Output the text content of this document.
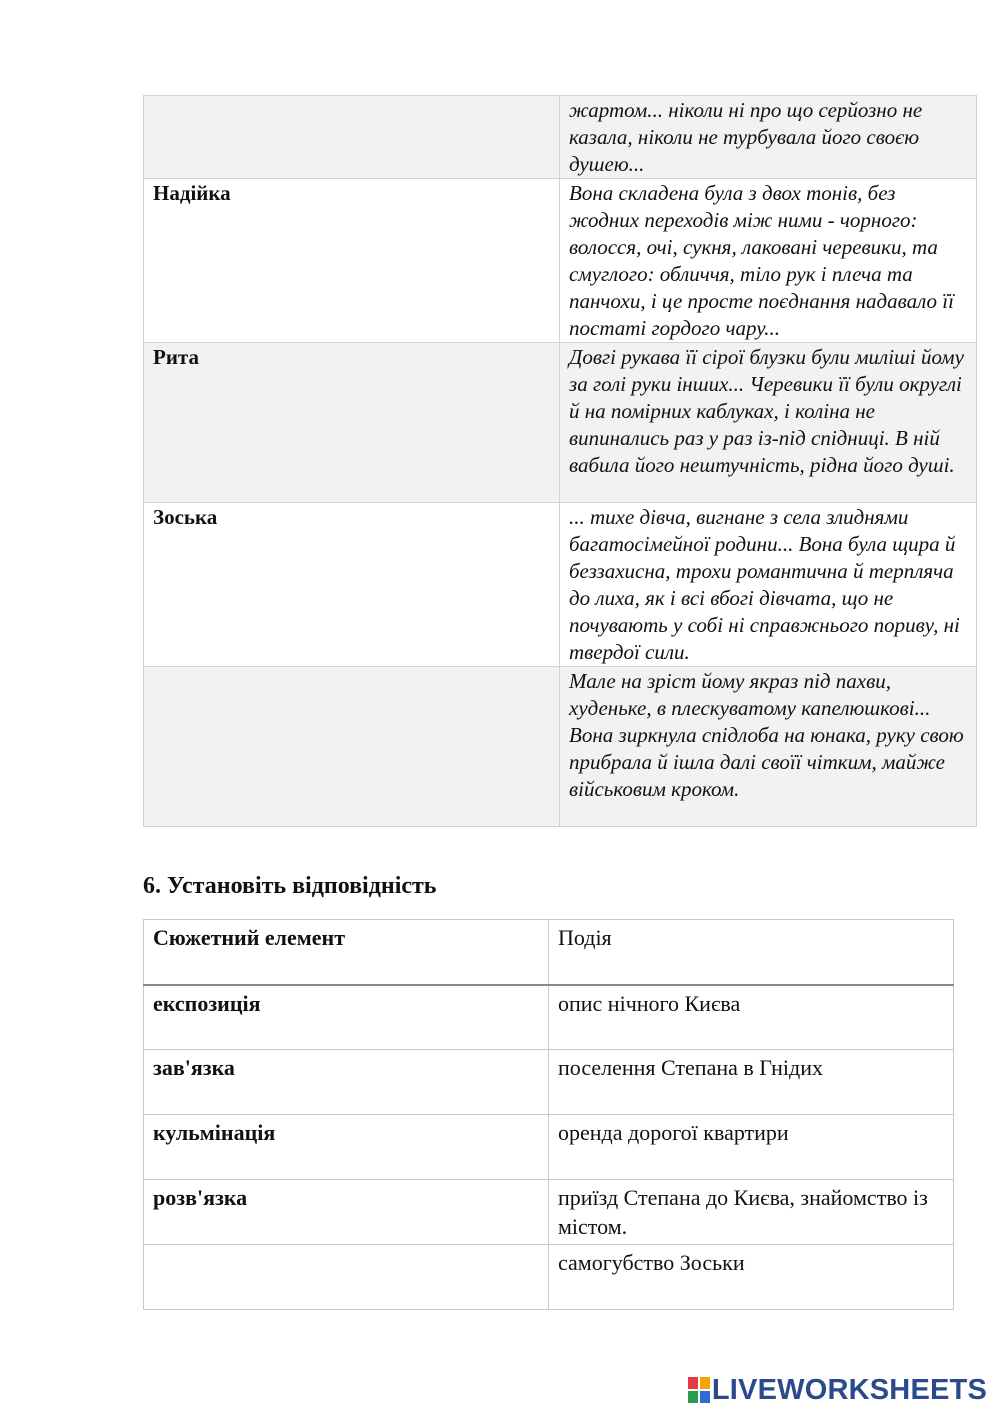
	жартом... ніколи ні про що серйозно не казала, ніколи не турбувала його своєю душею...
Надійка	Вона складена була з двох тонів, без жодних переходів між ними - чорного: волосся, очі, сукня, лаковані черевики, та смуглого: обличчя, тіло рук і плеча та панчохи, і це просте поєднання надавало її постаті гордого чару...
Рита	Довгі рукава її сірої блузки були миліші йому за голі руки інших... Черевики її були округлі й на помірних каблуках, і коліна не випинались раз у раз із-під спідниці. В ній вабила його нештучність, рідна його душі.
Зоська	... тихе дівча, вигнане з села злиднями багатосімейної родини... Вона була щира й беззахисна, трохи романтична й терпляча до лиха, як і всі вбогі дівчата, що не почувають у собі ні справжнього пориву, ні твердої сили.
	Мале на зріст йому якраз під пахви, худеньке, в плескуватому капелюшкові... Вона зиркнула спідлоба на юнака, руку свою прибрала й ішла далі своїї чітким, майже військовим кроком.
6. Установіть відповідність
Сюжетний елемент	Подія
експозиція	опис нічного Києва
зав'язка	поселення Степана в Гнідих
кульмінація	оренда дорогої квартири
розв'язка	приїзд Степана до Києва, знайомство із містом.
	самогубство Зоськи
LIVEWORKSHEETS
